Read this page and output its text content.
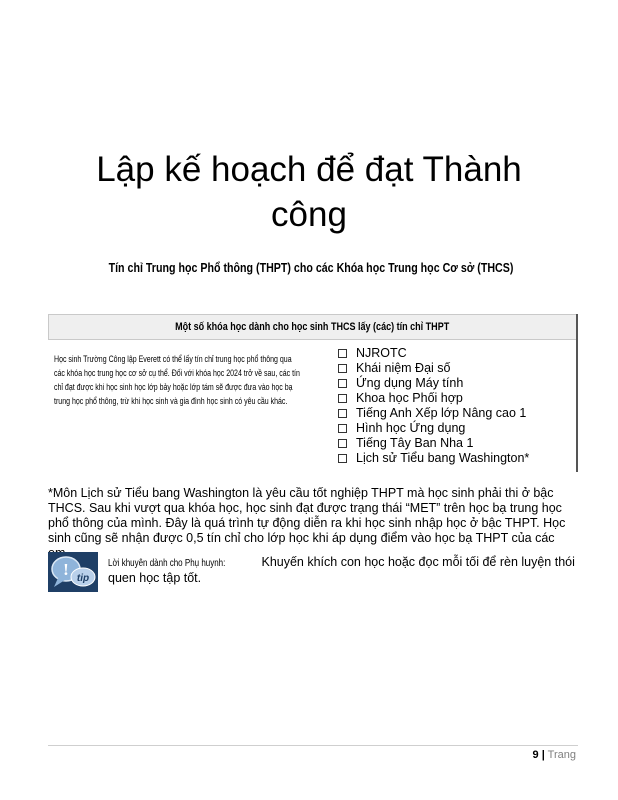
Lập kế hoạch để đạt Thành công
Tín chỉ Trung học Phổ thông (THPT) cho các Khóa học Trung học Cơ sở (THCS)
Một số khóa học dành cho học sinh THCS lấy (các) tín chỉ THPT
Học sinh Trường Công lập Everett có thể lấy tín chỉ trung học phổ thông qua các khóa học trung học cơ sở cụ thể. Đối với khóa học 2024 trở về sau, các tín chỉ đạt được khi học sinh học lớp bảy hoặc lớp tám sẽ được đưa vào học bạ trung học phổ thông, trừ khi học sinh và gia đình học sinh có yêu cầu khác.
NJROTC
Khái niệm Đại số
Ứng dụng Máy tính
Khoa học Phối hợp
Tiếng Anh Xếp lớp Nâng cao 1
Hình học Ứng dụng
Tiếng Tây Ban Nha 1
Lịch sử Tiểu bang Washington*
*Môn Lịch sử Tiểu bang Washington là yêu cầu tốt nghiệp THPT mà học sinh phải thi ở bậc THCS. Sau khi vượt qua khóa học, học sinh đạt được trạng thái “MET” trên học bạ trung học phổ thông của mình. Đây là quá trình tự động diễn ra khi học sinh nhập học ở bậc THPT. Học sinh cũng sẽ nhận được 0,5 tín chỉ cho lớp học khi áp dụng điểm vào học bạ THPT của các
! tip
Lời khuyên dành cho Phụ huynh:	Khuyến khích con học hoặc đọc mỗi tối để rèn luyện thói quen học tập tốt.
9 | Trang
